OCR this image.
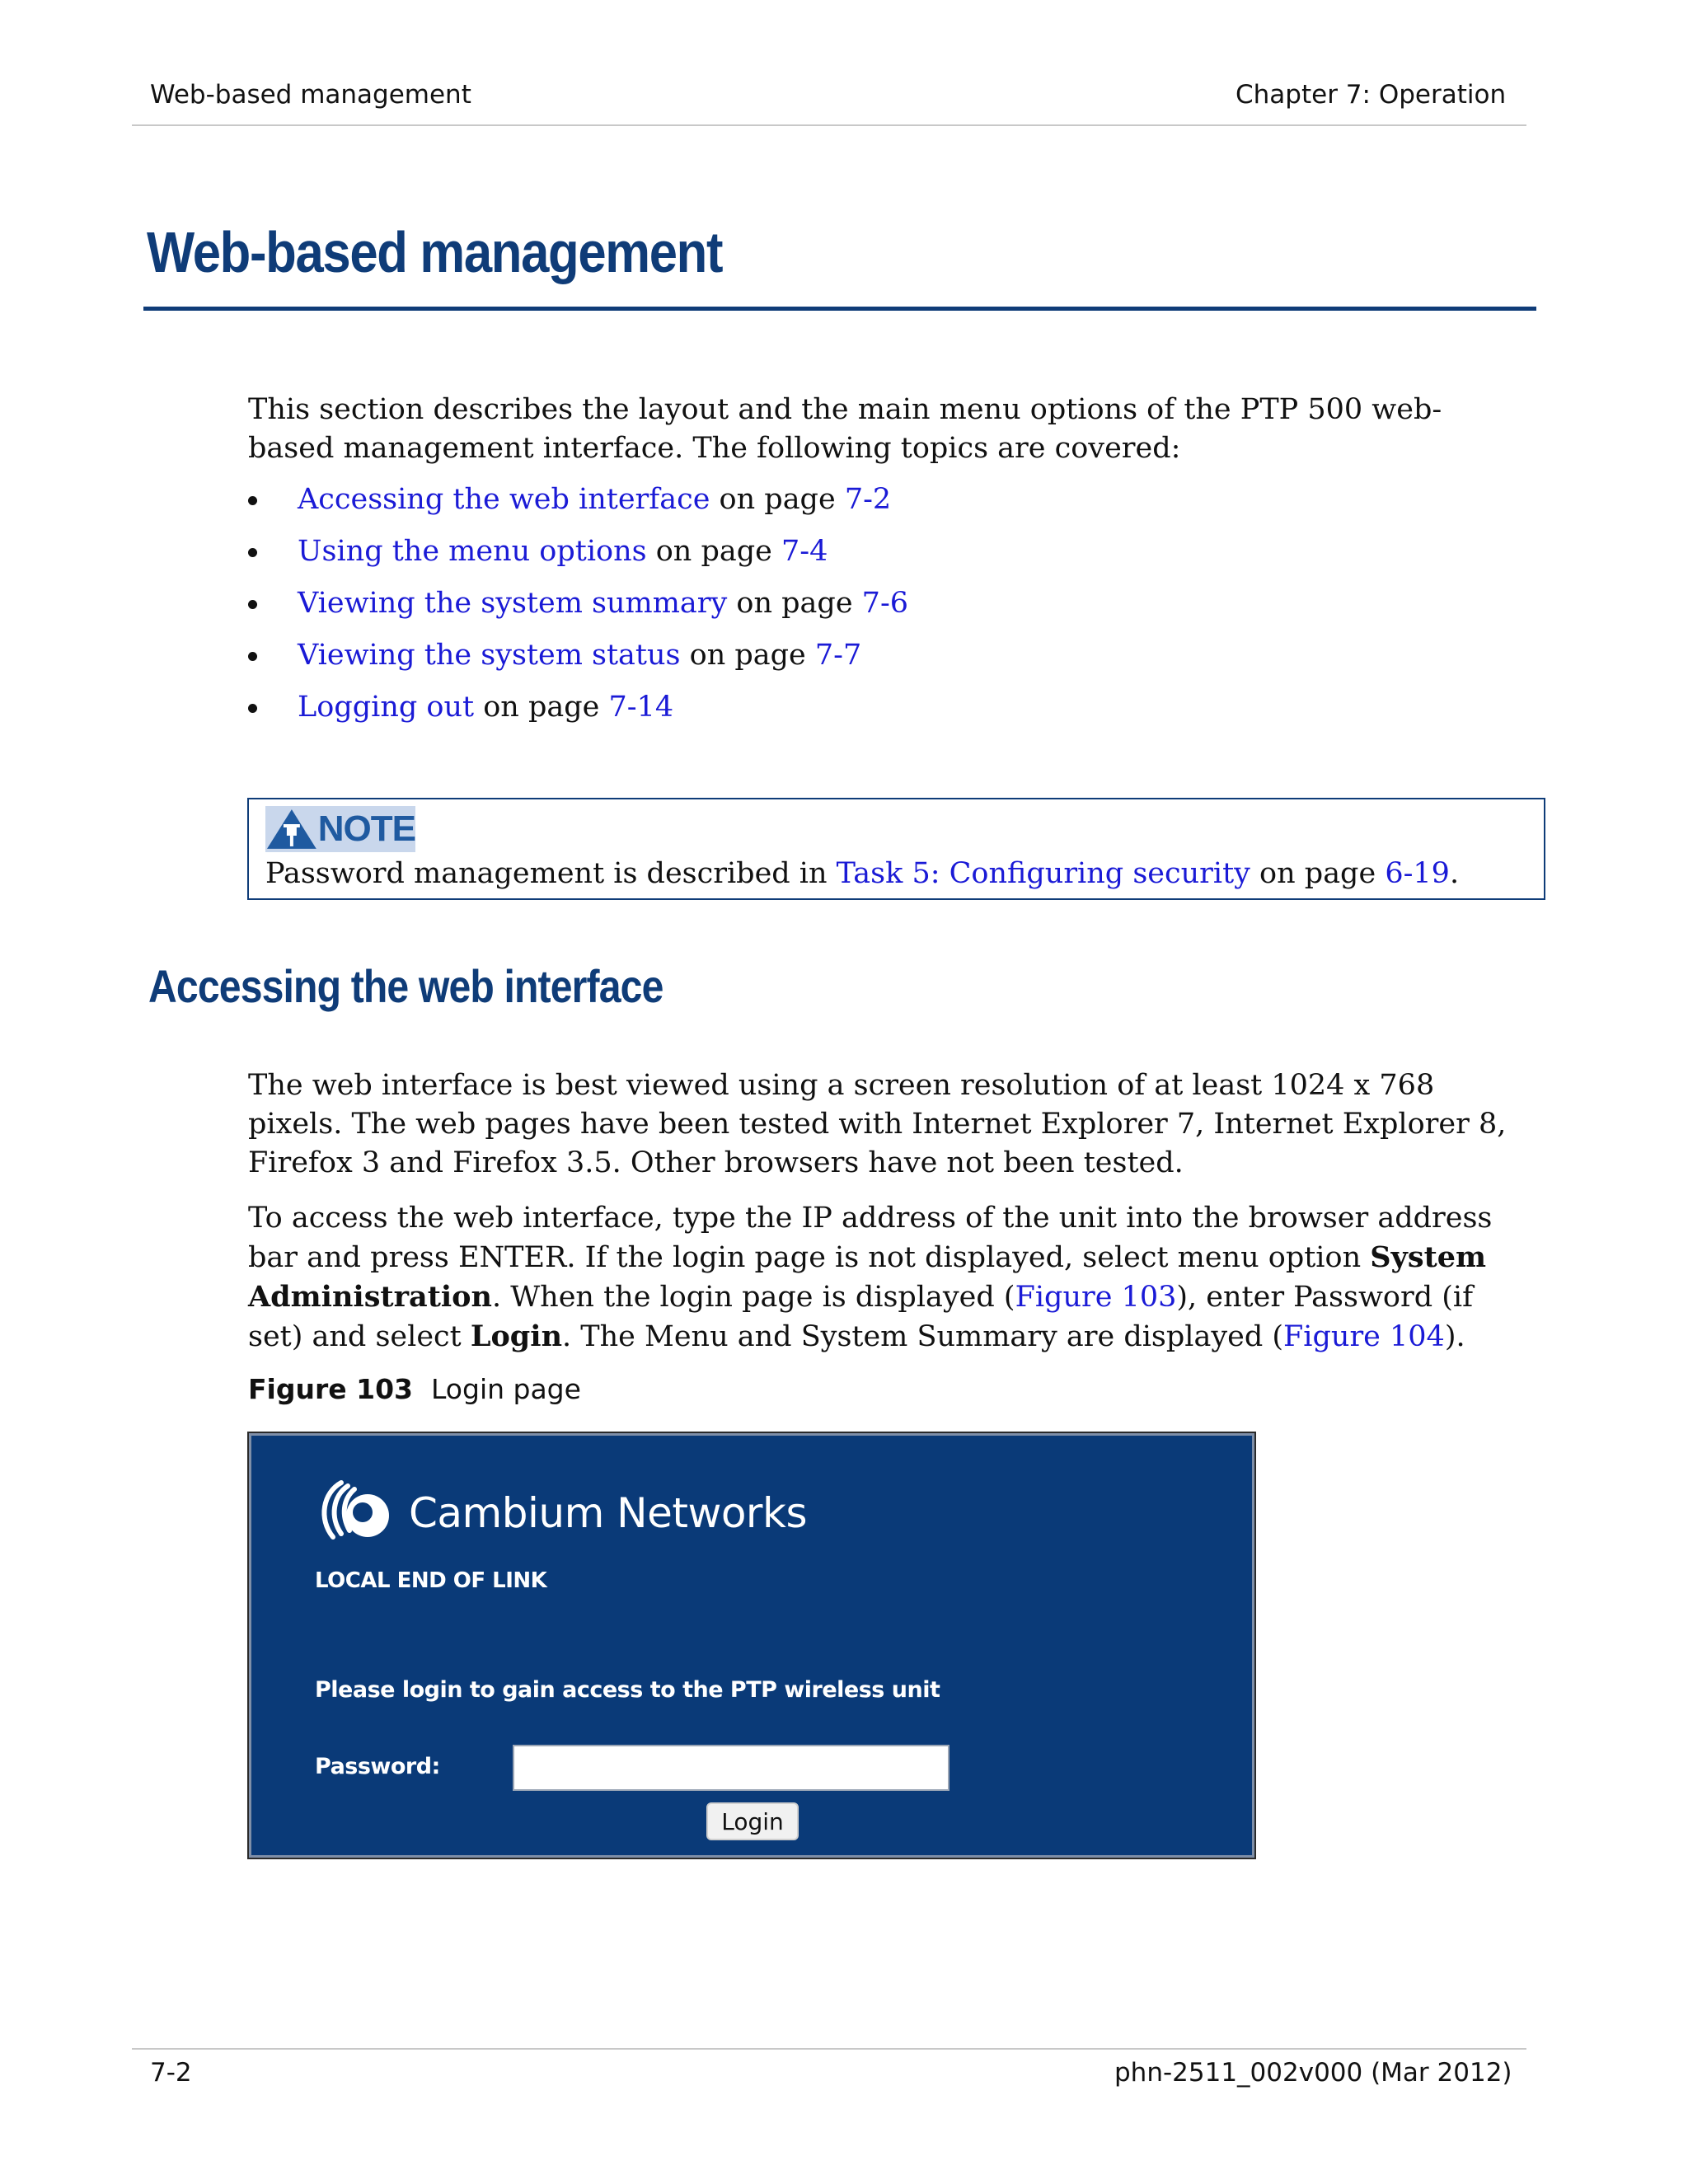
Web-based management	Chapter 7: Operation
Web-based management

This section describes the layout and the main menu options of the PTP 500 web-based management interface. The following topics are covered:

Accessing the web interface on page 7-2
Using the menu options on page 7-4
Viewing the system summary on page 7-6
Viewing the system status on page 7-7
Logging out on page 7-14
NOTE
Password management is described in Task 5: Configuring security on page 6-19.
Accessing the web interface

The web interface is best viewed using a screen resolution of at least 1024 x 768 pixels. The web pages have been tested with Internet Explorer 7, Internet Explorer 8, Firefox 3 and Firefox 3.5. Other browsers have not been tested.

To access the web interface, type the IP address of the unit into the browser address bar and press ENTER. If the login page is not displayed, select menu option System Administration. When the login page is displayed (Figure 103), enter Password (if set) and select Login. The Menu and System Summary are displayed (Figure 104).

Figure 103 Login page
Cambium Networks
LOCAL END OF LINK
Please login to gain access to the PTP wireless unit
Password:
Login
7-2	phn-2511_002v000 (Mar 2012)
